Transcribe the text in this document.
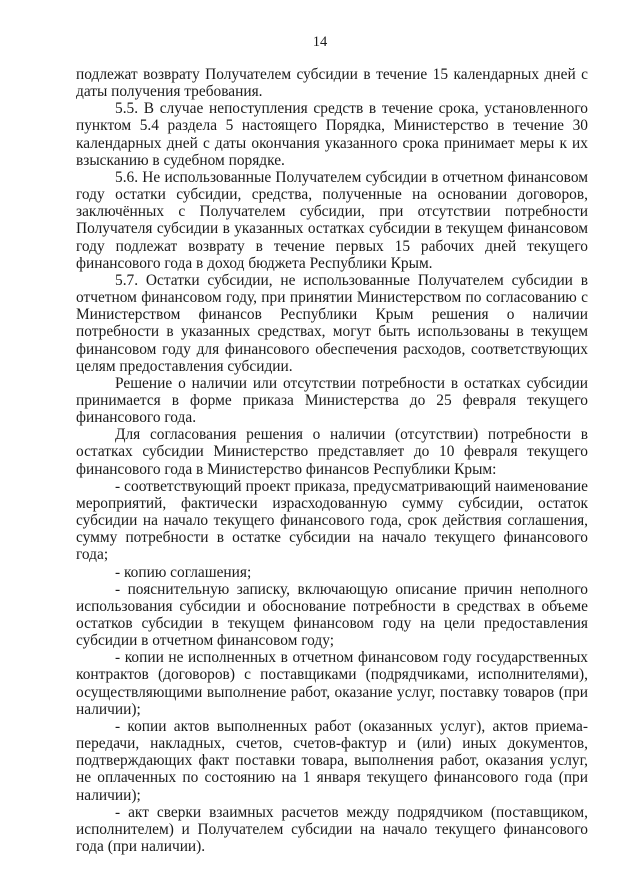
14

подлежат возврату Получателем субсидии в течение 15 календарных дней с даты получения требования.

5.5. В случае непоступления средств в течение срока, установленного пунктом 5.4 раздела 5 настоящего Порядка, Министерство в течение 30 календарных дней с даты окончания указанного срока принимает меры к их взысканию в судебном порядке.

5.6. Не использованные Получателем субсидии в отчетном финансовом году остатки субсидии, средства, полученные на основании договоров, заключённых с Получателем субсидии, при отсутствии потребности Получателя субсидии в указанных остатках субсидии в текущем финансовом году подлежат возврату в течение первых 15 рабочих дней текущего финансового года в доход бюджета Республики Крым.

5.7. Остатки субсидии, не использованные Получателем субсидии в отчетном финансовом году, при принятии Министерством по согласованию с Министерством финансов Республики Крым решения о наличии потребности в указанных средствах, могут быть использованы в текущем финансовом году для финансового обеспечения расходов, соответствующих целям предоставления субсидии.

Решение о наличии или отсутствии потребности в остатках субсидии принимается в форме приказа Министерства до 25 февраля текущего финансового года.

Для согласования решения о наличии (отсутствии) потребности в остатках субсидии Министерство представляет до 10 февраля текущего финансового года в Министерство финансов Республики Крым:

- соответствующий проект приказа, предусматривающий наименование мероприятий, фактически израсходованную сумму субсидии, остаток субсидии на начало текущего финансового года, срок действия соглашения, сумму потребности в остатке субсидии на начало текущего финансового года;

- копию соглашения;

- пояснительную записку, включающую описание причин неполного использования субсидии и обоснование потребности в средствах в объеме остатков субсидии в текущем финансовом году на цели предоставления субсидии в отчетном финансовом году;

- копии не исполненных в отчетном финансовом году государственных контрактов (договоров) с поставщиками (подрядчиками, исполнителями), осуществляющими выполнение работ, оказание услуг, поставку товаров (при наличии);

- копии актов выполненных работ (оказанных услуг), актов приема-передачи, накладных, счетов, счетов-фактур и (или) иных документов, подтверждающих факт поставки товара, выполнения работ, оказания услуг, не оплаченных по состоянию на 1 января текущего финансового года (при наличии);

- акт сверки взаимных расчетов между подрядчиком (поставщиком, исполнителем) и Получателем субсидии на начало текущего финансового года (при наличии).
